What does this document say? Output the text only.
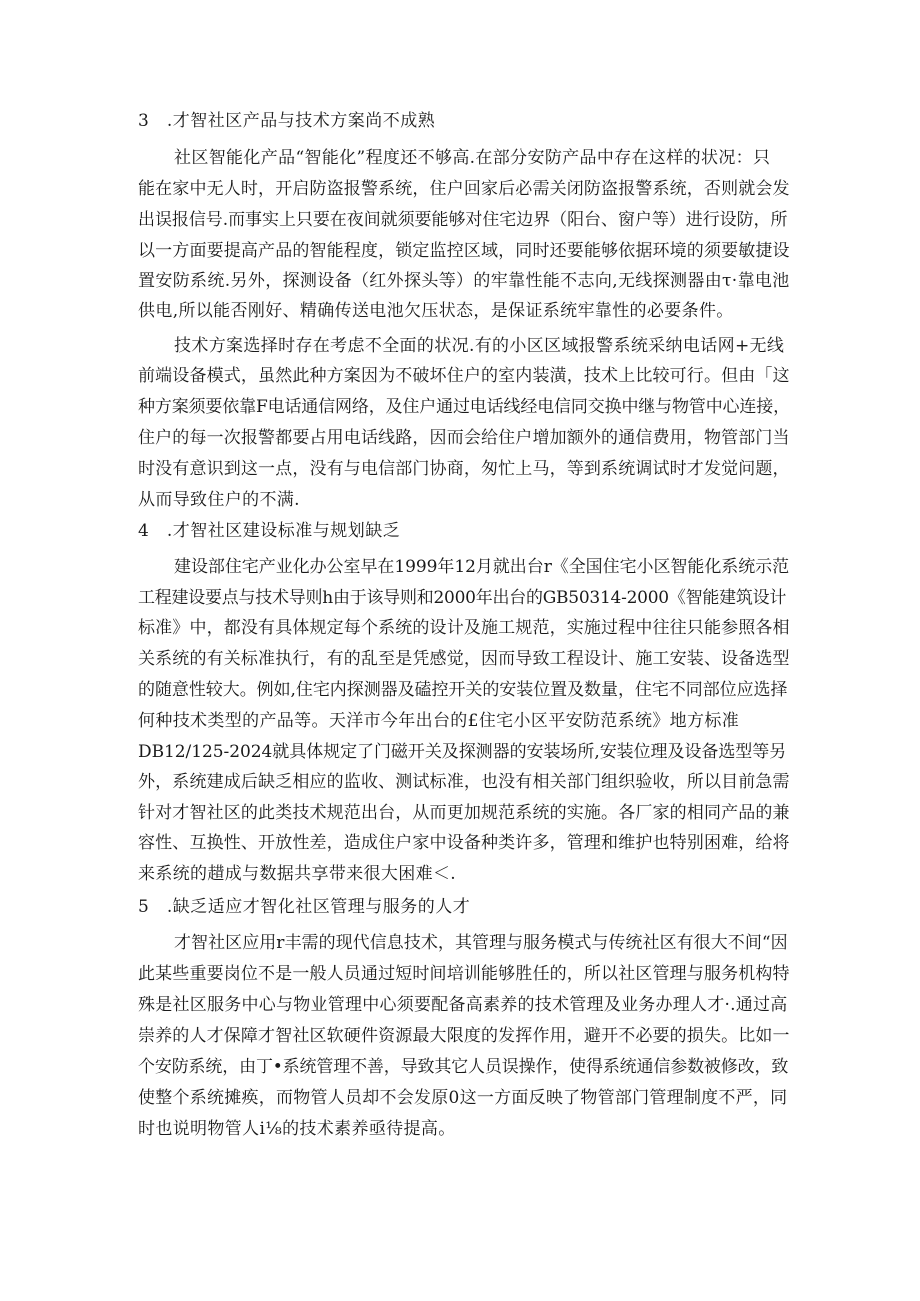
3　.才智社区产品与技术方案尚不成熟
社区智能化产品“智能化”程度还不够高.在部分安防产品中存在这样的状况：只
能在家中无人时，开启防盗报警系统，住户回家后必需关闭防盗报警系统，否则就会发
出误报信号.而事实上只要在夜间就须要能够对住宅边界（阳台、窗户等）进行设防，所
以一方面要提高产品的智能程度，锁定监控区域，同时还要能够依据环境的须要敏捷设
置安防系统.另外，探测设备（红外探头等）的牢靠性能不志向,无线探测器由τ·靠电池
供电,所以能否刚好、精确传送电池欠压状态，是保证系统牢靠性的必要条件。
技术方案选择时存在考虑不全面的状况.有的小区区域报警系统采纳电话网+无线
前端设备模式，虽然此种方案因为不破坏住户的室内装潢，技术上比较可行。但由「这
种方案须要依靠F电话通信网络，及住户通过电话线经电信同交换中继与物管中心连接，
住户的每一次报警都要占用电话线路，因而会给住户增加额外的通信费用，物管部门当
时没有意识到这一点，没有与电信部门协商，匆忙上马，等到系统调试时才发觉问题，
从而导致住户的不满.
4　.才智社区建设标准与规划缺乏
建设部住宅产业化办公室早在1999年12月就出台r《全国住宅小区智能化系统示范
工程建设要点与技术导则h由于该导则和2000年出台的GB50314-2000《智能建筑设计
标准》中，都没有具体规定每个系统的设计及施工规范，实施过程中往往只能参照各相
关系统的有关标准执行，有的乱至是凭感觉，因而导致工程设计、施工安装、设备选型
的随意性较大。例如,住宅内探测器及磕控开关的安装位置及数量，住宅不同部位应选择
何种技术类型的产品等。天洋市今年出台的£住宅小区平安防范系统》地方标准
DB12/125-2024就具体规定了门磁开关及探测器的安装场所,安装位理及设备选型等另
外，系统建成后缺乏相应的监收、测试标准，也没有相关部门组织验收，所以目前急需
针对才智社区的此类技术规范出台，从而更加规范系统的实施。各厂家的相同产品的兼
容性、互换性、开放性差，造成住户家中设备种类许多，管理和维护也特别困难，给将
来系统的趞成与数据共享带来很大困难＜.
5　.缺乏适应才智化社区管理与服务的人才
才智社区应用r丰需的现代信息技术，其管理与服务模式与传统社区有很大不间“因
此某些重要岗位不是一般人员通过短时间培训能够胜任的，所以社区管理与服务机构特
殊是社区服务中心与物业管理中心须要配备高素养的技术管理及业务办理人才·.通过高
崇养的人才保障才智社区软硬件资源最大限度的发挥作用，避开不必要的损失。比如一
个安防系统，由丁•系统管理不善，导致其它人员误操作，使得系统通信参数被修改，致
使整个系统摊痪，而物管人员却不会发原0这一方面反映了物管部门管理制度不严，同
时也说明物管人i⅛的技术素养亟待提高。
